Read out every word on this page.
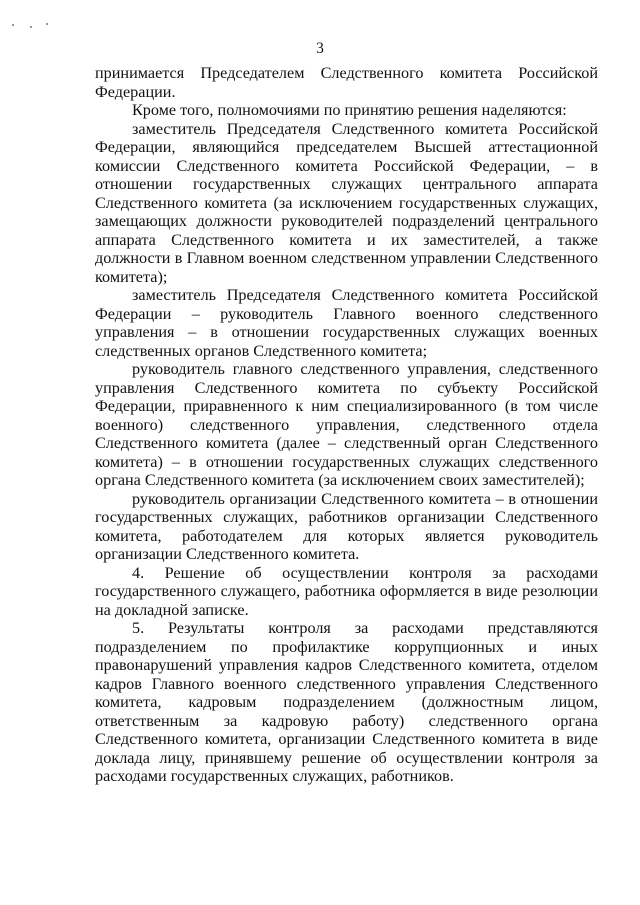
3

принимается Председателем Следственного комитета Российской Федерации.

Кроме того, полномочиями по принятию решения наделяются:

заместитель Председателя Следственного комитета Российской Федерации, являющийся председателем Высшей аттестационной комиссии Следственного комитета Российской Федерации, – в отношении государственных служащих центрального аппарата Следственного комитета (за исключением государственных служащих, замещающих должности руководителей подразделений центрального аппарата Следственного комитета и их заместителей, а также должности в Главном военном следственном управлении Следственного комитета);

заместитель Председателя Следственного комитета Российской Федерации – руководитель Главного военного следственного управления – в отношении государственных служащих военных следственных органов Следственного комитета;

руководитель главного следственного управления, следственного управления Следственного комитета по субъекту Российской Федерации, приравненного к ним специализированного (в том числе военного) следственного управления, следственного отдела Следственного комитета (далее – следственный орган Следственного комитета) – в отношении государственных служащих следственного органа Следственного комитета (за исключением своих заместителей);

руководитель организации Следственного комитета – в отношении государственных служащих, работников организации Следственного комитета, работодателем для которых является руководитель организации Следственного комитета.

4. Решение об осуществлении контроля за расходами государственного служащего, работника оформляется в виде резолюции на докладной записке.

5. Результаты контроля за расходами представляются подразделением по профилактике коррупционных и иных правонарушений управления кадров Следственного комитета, отделом кадров Главного военного следственного управления Следственного комитета, кадровым подразделением (должностным лицом, ответственным за кадровую работу) следственного органа Следственного комитета, организации Следственного комитета в виде доклада лицу, принявшему решение об осуществлении контроля за расходами государственных служащих, работников.
